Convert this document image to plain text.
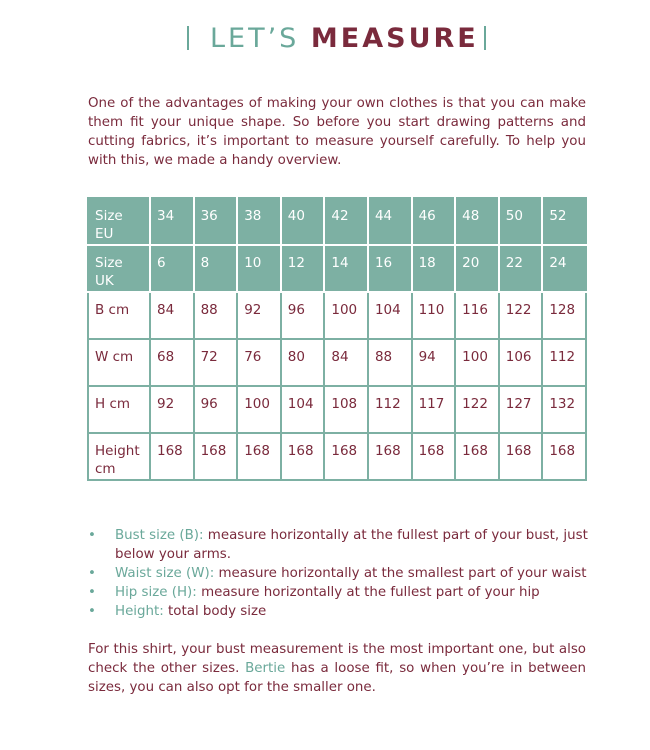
LET’S MEASURE

One of the advantages of making your own clothes is that you can make them fit your unique shape. So before you start drawing patterns and cutting fabrics, it’s important to measure yourself carefully. To help you with this, we made a handy overview.

Size EU	34	36	38	40	42	44	46	48	50	52
Size UK	6	8	10	12	14	16	18	20	22	24
B cm	84	88	92	96	100	104	110	116	122	128
W cm	68	72	76	80	84	88	94	100	106	112
H cm	92	96	100	104	108	112	117	122	127	132
Height cm	168	168	168	168	168	168	168	168	168	168
• Bust size (B): measure horizontally at the fullest part of your bust, just below your arms.
• Waist size (W): measure horizontally at the smallest part of your waist
• Hip size (H): measure horizontally at the fullest part of your hip
• Height: total body size

For this shirt, your bust measurement is the most important one, but also check the other sizes. Bertie has a loose fit, so when you’re in between sizes, you can also opt for the smaller one.
